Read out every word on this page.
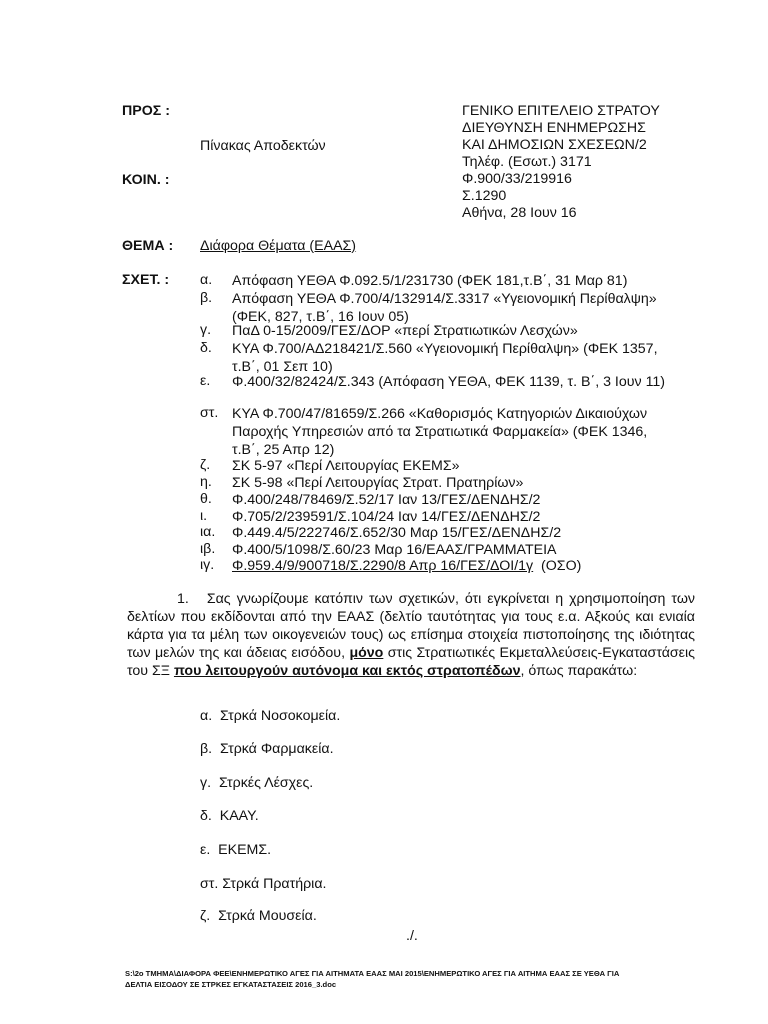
ΠΡΟΣ :
Πίνακας Αποδεκτών
ΚΟΙΝ. :
ΓΕΝΙΚΟ ΕΠΙΤΕΛΕΙΟ ΣΤΡΑΤΟΥ
ΔΙΕΥΘΥΝΣΗ ΕΝΗΜΕΡΩΣΗΣ
ΚΑΙ ΔΗΜΟΣΙΩΝ ΣΧΕΣΕΩΝ/2
Τηλέφ. (Εσωτ.) 3171
Φ.900/33/219916
Σ.1290
Αθήνα, 28 Ιουν 16
ΘΕΜΑ : Διάφορα Θέματα (ΕΑΑΣ)
ΣΧΕΤ. : α. Απόφαση ΥΕΘΑ Φ.092.5/1/231730 (ΦΕΚ 181,τ.Β΄, 31 Μαρ 81)
β. Απόφαση ΥΕΘΑ Φ.700/4/132914/Σ.3317 «Υγειονομική Περίθαλψη» (ΦΕΚ, 827, τ.Β΄, 16 Ιουν 05)
γ. ΠαΔ 0-15/2009/ΓΕΣ/ΔΟΡ «περί Στρατιωτικών Λεσχών»
δ. ΚΥΑ Φ.700/ΑΔ218421/Σ.560 «Υγειονομική Περίθαλψη» (ΦΕΚ 1357, τ.Β΄, 01 Σεπ 10)
ε. Φ.400/32/82424/Σ.343 (Απόφαση ΥΕΘΑ, ΦΕΚ 1139, τ. Β΄, 3 Ιουν 11)
στ. ΚΥΑ Φ.700/47/81659/Σ.266 «Καθορισμός Κατηγοριών Δικαιούχων Παροχής Υπηρεσιών από τα Στρατιωτικά Φαρμακεία» (ΦΕΚ 1346, τ.Β΄, 25 Απρ 12)
ζ. ΣΚ 5-97 «Περί Λειτουργίας ΕΚΕΜΣ»
η. ΣΚ 5-98 «Περί Λειτουργίας Στρατ. Πρατηρίων»
θ. Φ.400/248/78469/Σ.52/17 Ιαν 13/ΓΕΣ/ΔΕΝΔΗΣ/2
ι. Φ.705/2/239591/Σ.104/24 Ιαν 14/ΓΕΣ/ΔΕΝΔΗΣ/2
ια. Φ.449.4/5/222746/Σ.652/30 Μαρ 15/ΓΕΣ/ΔΕΝΔΗΣ/2
ιβ. Φ.400/5/1098/Σ.60/23 Μαρ 16/ΕΑΑΣ/ΓΡΑΜΜΑΤΕΙΑ
ιγ. Φ.959.4/9/900718/Σ.2290/8 Απρ 16/ΓΕΣ/ΔΟΙ/1γ (ΟΣΟ)
1. Σας γνωρίζουμε κατόπιν των σχετικών, ότι εγκρίνεται η χρησιμοποίηση των δελτίων που εκδίδονται από την ΕΑΑΣ (δελτίο ταυτότητας για τους ε.α. Αξκούς και ενιαία κάρτα για τα μέλη των οικογενειών τους) ως επίσημα στοιχεία πιστοποίησης της ιδιότητας των μελών της και άδειας εισόδου, μόνο στις Στρατιωτικές Εκμεταλλεύσεις-Εγκαταστάσεις του ΣΞ που λειτουργούν αυτόνομα και εκτός στρατοπέδων, όπως παρακάτω:
α. Στρκά Νοσοκομεία.
β. Στρκά Φαρμακεία.
γ. Στρκές Λέσχες.
δ. ΚΑΑΥ.
ε. ΕΚΕΜΣ.
στ. Στρκά Πρατήρια.
ζ. Στρκά Μουσεία.
./.
S:\2ο ΤΜΗΜΑ\ΔΙΑΦΟΡΑ ΦΕΕ\ΕΝΗΜΕΡΩΤΙΚΟ ΑΓΕΣ ΓΙΑ ΑΙΤΗΜΑΤΑ ΕΑΑΣ ΜΑΙ 2015\ΕΝΗΜΕΡΩΤΙΚΟ ΑΓΕΣ ΓΙΑ ΑΙΤΗΜΑ ΕΑΑΣ ΣΕ ΥΕΘΑ ΓΙΑ ΔΕΛΤΙΑ ΕΙΣΟΔΟΥ ΣΕ ΣΤΡΚΕΣ ΕΓΚΑΤΑΣΤΑΣΕΙΣ 2016_3.doc
